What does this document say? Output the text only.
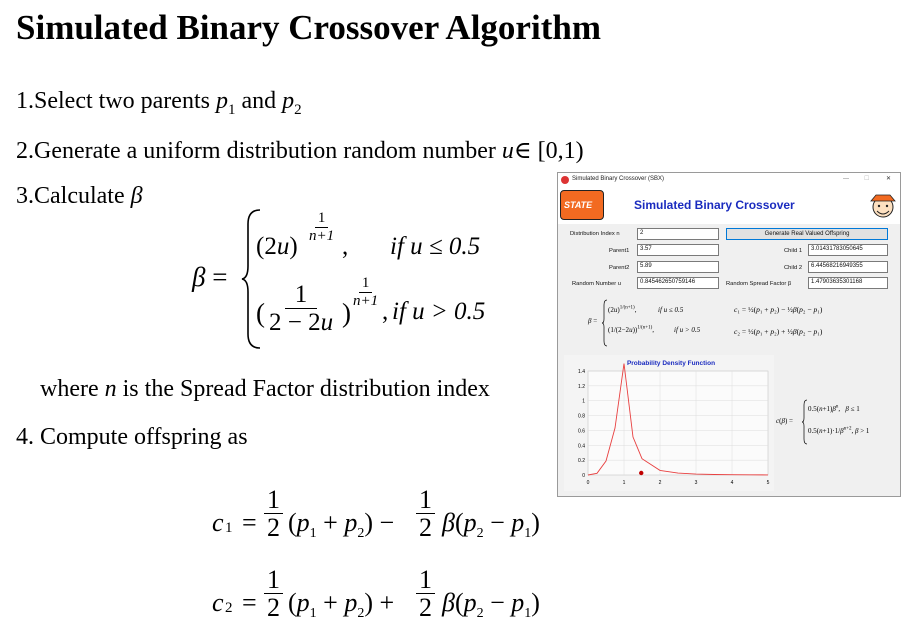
Simulated Binary Crossover Algorithm
1.Select two parents $p_1$ and $p_2$
2.Generate a uniform distribution random number u∈ [0,1)
3.Calculate β
β =
(2u)
$\frac{1}{n+1}$
, if u ≤ 0.5
( $\frac{1}{2 - 2u}$ )
$\frac{1}{n+1}$
, if u > 0.5
where n is the Spread Factor distribution index
4. Compute offspring as
c $1 = \frac{1}{2} (p_1 + p_2) - \frac{1}{2} \beta(p_2 - p_1)$
c $2 = \frac{1}{2} (p_1 + p_2) + \frac{1}{2} \beta(p_2 - p_1)$
Simulated Binary Crossover (SBX)	—	☐	✕
STATE	Simulated Binary Crossover
Distribution Index n	2
Parent1	3.57
Parent2	5.89
Random Number u	0.845462650759146
Generate Real Valued Offspring
Child 1	3.01431783050645
Child 2	6.44568216949355
Random Spread Factor β	1.47903635301168
β =
$(2u)^{1/(n+1)}$,	if u ≤ 0.5
$(1/(2-2u))^{1/(n+1)}$,	if u > 0.5
c₁ = ½(p₁ + p₂) − ½β(p₂ − p₁)
c₂ = ½(p₁ + p₂) + ½β(p₂ − p₁)
0	1	2	3	4	5
0
0.2
0.4
0.6
0.8
1
1.2
1.4
Probability Density Function
c(β) =
$0.5(n+1)\beta^n$,   β ≤ 1
$0.5(n+1)\cdot 1/\beta^{n+2}$, β > 1
